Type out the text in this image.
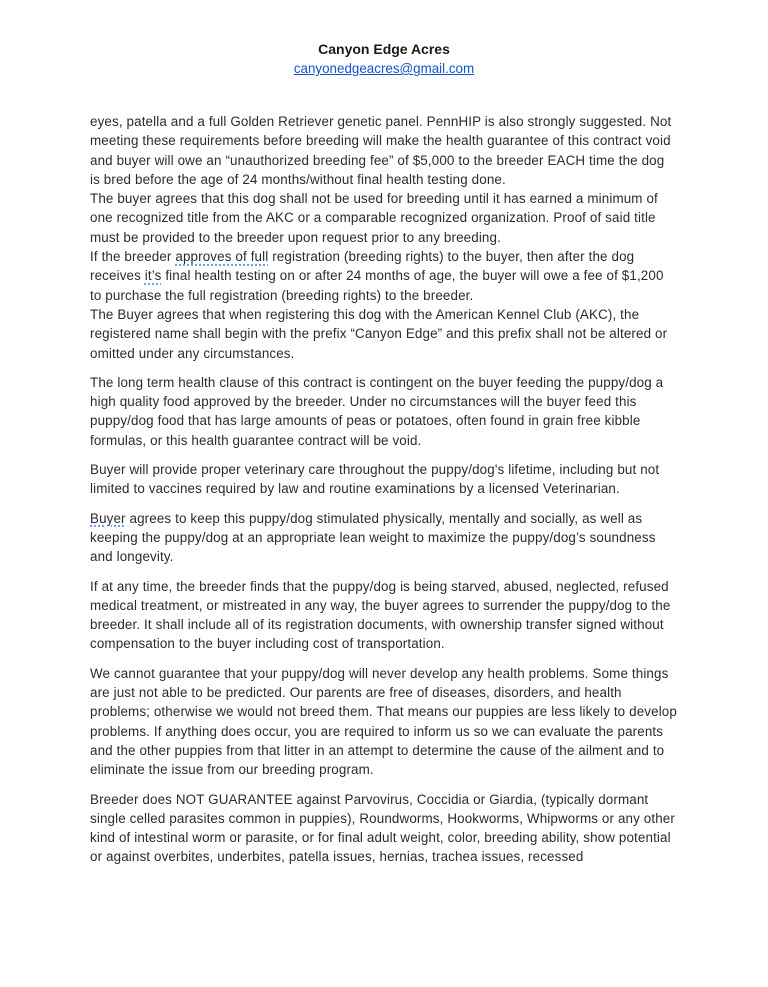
Canyon Edge Acres
canyonedgeacres@gmail.com

eyes, patella and a full Golden Retriever genetic panel. PennHIP is also strongly suggested. Not meeting these requirements before breeding will make the health guarantee of this contract void and buyer will owe an “unauthorized breeding fee” of $5,000 to the breeder EACH time the dog is bred before the age of 24 months/without final health testing done.

The buyer agrees that this dog shall not be used for breeding until it has earned a minimum of one recognized title from the AKC or a comparable recognized organization. Proof of said title must be provided to the breeder upon request prior to any breeding.

If the breeder approves of full registration (breeding rights) to the buyer, then after the dog receives it’s final health testing on or after 24 months of age, the buyer will owe a fee of $1,200 to purchase the full registration (breeding rights) to the breeder.

The Buyer agrees that when registering this dog with the American Kennel Club (AKC), the registered name shall begin with the prefix “Canyon Edge” and this prefix shall not be altered or omitted under any circumstances.

The long term health clause of this contract is contingent on the buyer feeding the puppy/dog a high quality food approved by the breeder. Under no circumstances will the buyer feed this puppy/dog food that has large amounts of peas or potatoes, often found in grain free kibble formulas, or this health guarantee contract will be void.

Buyer will provide proper veterinary care throughout the puppy/dog's lifetime, including but not limited to vaccines required by law and routine examinations by a licensed Veterinarian.

Buyer agrees to keep this puppy/dog stimulated physically, mentally and socially, as well as keeping the puppy/dog at an appropriate lean weight to maximize the puppy/dog’s soundness and longevity.

If at any time, the breeder finds that the puppy/dog is being starved, abused, neglected, refused medical treatment, or mistreated in any way, the buyer agrees to surrender the puppy/dog to the breeder. It shall include all of its registration documents, with ownership transfer signed without compensation to the buyer including cost of transportation.

We cannot guarantee that your puppy/dog will never develop any health problems. Some things are just not able to be predicted. Our parents are free of diseases, disorders, and health problems; otherwise we would not breed them. That means our puppies are less likely to develop problems. If anything does occur, you are required to inform us so we can evaluate the parents and the other puppies from that litter in an attempt to determine the cause of the ailment and to eliminate the issue from our breeding program.

Breeder does NOT GUARANTEE against Parvovirus, Coccidia or Giardia, (typically dormant single celled parasites common in puppies), Roundworms, Hookworms, Whipworms or any other kind of intestinal worm or parasite, or for final adult weight, color, breeding ability, show potential or against overbites, underbites, patella issues, hernias, trachea issues, recessed
